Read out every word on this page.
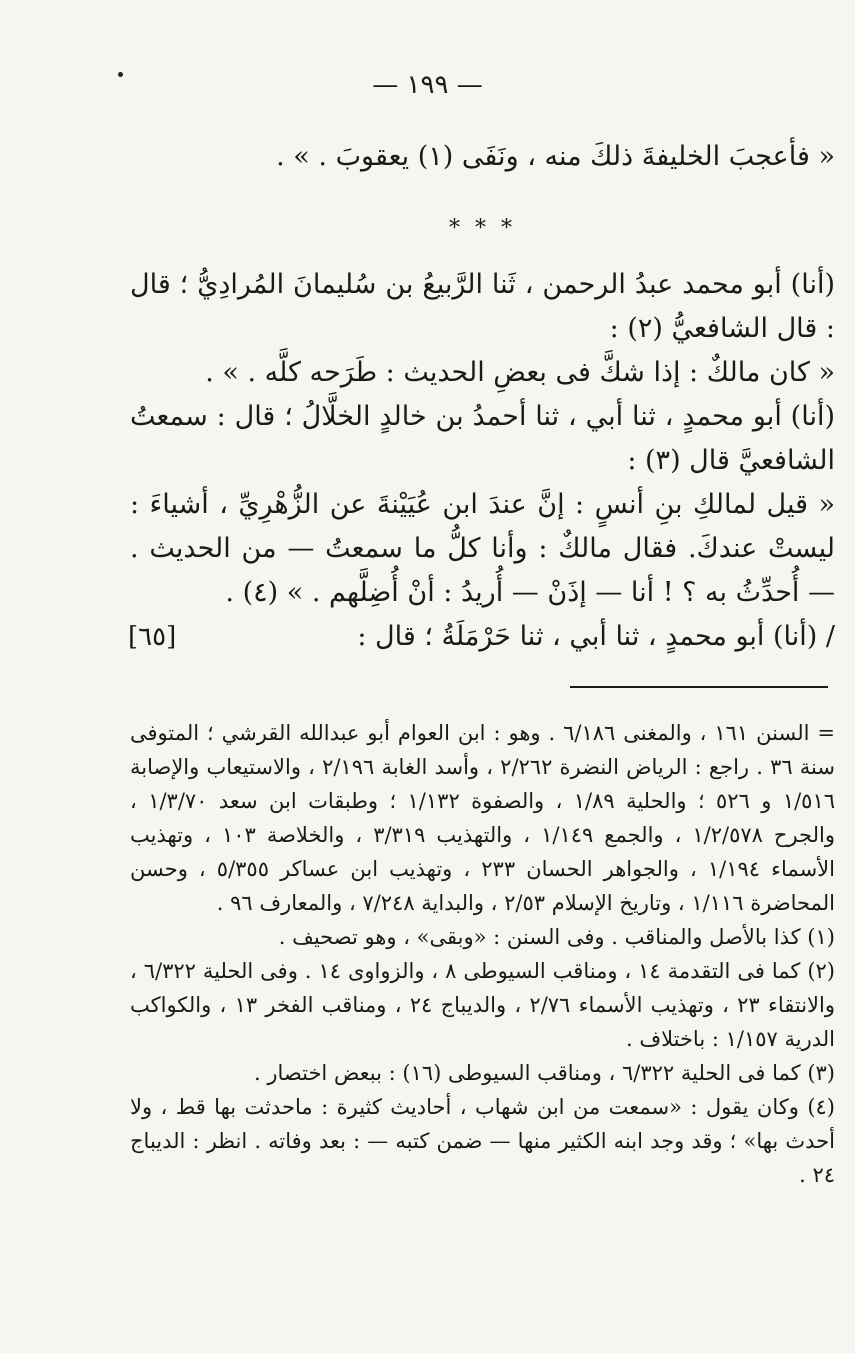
— ١٩٩ —

« فأعجبَ الخليفةَ ذلكَ منه ، ونَفَى (١) يعقوبَ . » .

* * *

(أنا) أبو محمد عبدُ الرحمن ، ثَنا الرَّبيعُ بن سُليمانَ المُرادِيُّ ؛ قال : قال الشافعيُّ (٢) :

« كان مالكٌ : إذا شكَّ فى بعضِ الحديث : طَرَحه كلَّه . » .

(أنا) أبو محمدٍ ، ثنا أبي ، ثنا أحمدُ بن خالدٍ الخلَّالُ ؛ قال : سمعتُ الشافعيَّ قال (٣) :

« قيل لمالكِ بنِ أنسٍ : إنَّ عندَ ابن عُيَيْنةَ عن الزُّهْرِيِّ ، أشياءَ : ليستْ عندكَ. فقال مالكٌ : وأنا كلُّ ما سمعتُ — من الحديث . — أُحدِّثُ به ؟ ! أنا — إذَنْ — أُريدُ : أنْ أُضِلَّهم . » (٤) .

/ (أنا) أبو محمدٍ ، ثنا أبي ، ثنا حَرْمَلَةُ ؛ قال :

[٦٥]

= السنن ١٦١ ، والمغنى ٦/١٨٦ . وهو : ابن العوام أبو عبدالله القرشي ؛ المتوفى سنة ٣٦ . راجع : الرياض النضرة ٢/٢٦٢ ، وأسد الغابة ٢/١٩٦ ، والاستيعاب والإصابة ١/٥١٦ و ٥٢٦ ؛ والحلية ١/٨٩ ، والصفوة ١/١٣٢ ؛ وطبقات ابن سعد ١/٣/٧٠ ، والجرح ١/٢/٥٧٨ ، والجمع ١/١٤٩ ، والتهذيب ٣/٣١٩ ، والخلاصة ١٠٣ ، وتهذيب الأسماء ١/١٩٤ ، والجواهر الحسان ٢٣٣ ، وتهذيب ابن عساكر ٥/٣٥٥ ، وحسن المحاضرة ١/١١٦ ، وتاريخ الإسلام ٢/٥٣ ، والبداية ٧/٢٤٨ ، والمعارف ٩٦ .

(١) كذا بالأصل والمناقب . وفى السنن : «وبقى» ، وهو تصحيف .

(٢) كما فى التقدمة ١٤ ، ومناقب السيوطى ٨ ، والزواوى ١٤ . وفى الحلية ٦/٣٢٢ ، والانتقاء ٢٣ ، وتهذيب الأسماء ٢/٧٦ ، والديباج ٢٤ ، ومناقب الفخر ١٣ ، والكواكب الدرية ١/١٥٧ : باختلاف .

(٣) كما فى الحلية ٦/٣٢٢ ، ومناقب السيوطى (١٦) : ببعض اختصار .

(٤) وكان يقول : «سمعت من ابن شهاب ، أحاديث كثيرة : ماحدثت بها قط ، ولا أحدث بها» ؛ وقد وجد ابنه الكثير منها — ضمن كتبه — : بعد وفاته . انظر : الديباج ٢٤ .
